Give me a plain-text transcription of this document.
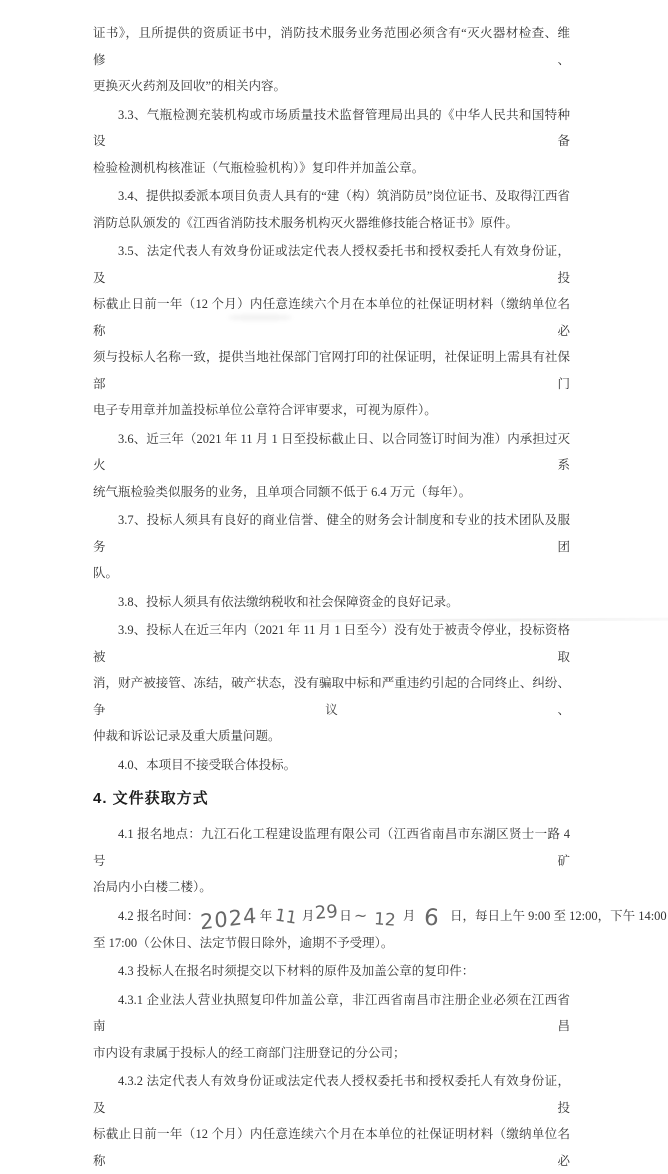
证书》，且所提供的资质证书中，消防技术服务业务范围必须含有“灭火器材检查、维修、
更换灭火药剂及回收”的相关内容。
3.3、气瓶检测充装机构或市场质量技术监督管理局出具的《中华人民共和国特种设备
检验检测机构核准证（气瓶检验机构）》复印件并加盖公章。
3.4、提供拟委派本项目负责人具有的“建（构）筑消防员”岗位证书、及取得江西省
消防总队颁发的《江西省消防技术服务机构灭火器维修技能合格证书》原件。
3.5、法定代表人有效身份证或法定代表人授权委托书和授权委托人有效身份证，及投
标截止日前一年（12 个月）内任意连续六个月在本单位的社保证明材料（缴纳单位名称必
须与投标人名称一致，提供当地社保部门官网打印的社保证明，社保证明上需具有社保部门
电子专用章并加盖投标单位公章符合评审要求，可视为原件）。
3.6、近三年（2021 年 11 月 1 日至投标截止日、以合同签订时间为准）内承担过灭火系
统气瓶检验类似服务的业务，且单项合同额不低于 6.4 万元（每年）。
3.7、投标人须具有良好的商业信誉、健全的财务会计制度和专业的技术团队及服务团
队。
3.8、投标人须具有依法缴纳税收和社会保障资金的良好记录。
3.9、投标人在近三年内（2021 年 11 月 1 日至今）没有处于被责令停业，投标资格被取
消，财产被接管、冻结，破产状态，没有骗取中标和严重违约引起的合同终止、纠纷、争议、
仲裁和诉讼记录及重大质量问题。
4.0、本项目不接受联合体投标。
4. 文件获取方式
4.1 报名地点：九江石化工程建设监理有限公司（江西省南昌市东湖区贤士一路 4 号矿
冶局内小白楼二楼）。
4.2 报名时间：2024 年11 月29日 ~ 12 月 6 日，每日上午 9:00 至 12:00，下午 14:00
至 17:00（公休日、法定节假日除外，逾期不予受理）。
4.3 投标人在报名时须提交以下材料的原件及加盖公章的复印件：
4.3.1 企业法人营业执照复印件加盖公章，非江西省南昌市注册企业必须在江西省南昌
市内设有隶属于投标人的经工商部门注册登记的分公司；
4.3.2 法定代表人有效身份证或法定代表人授权委托书和授权委托人有效身份证，及投
标截止日前一年（12 个月）内任意连续六个月在本单位的社保证明材料（缴纳单位名称必
